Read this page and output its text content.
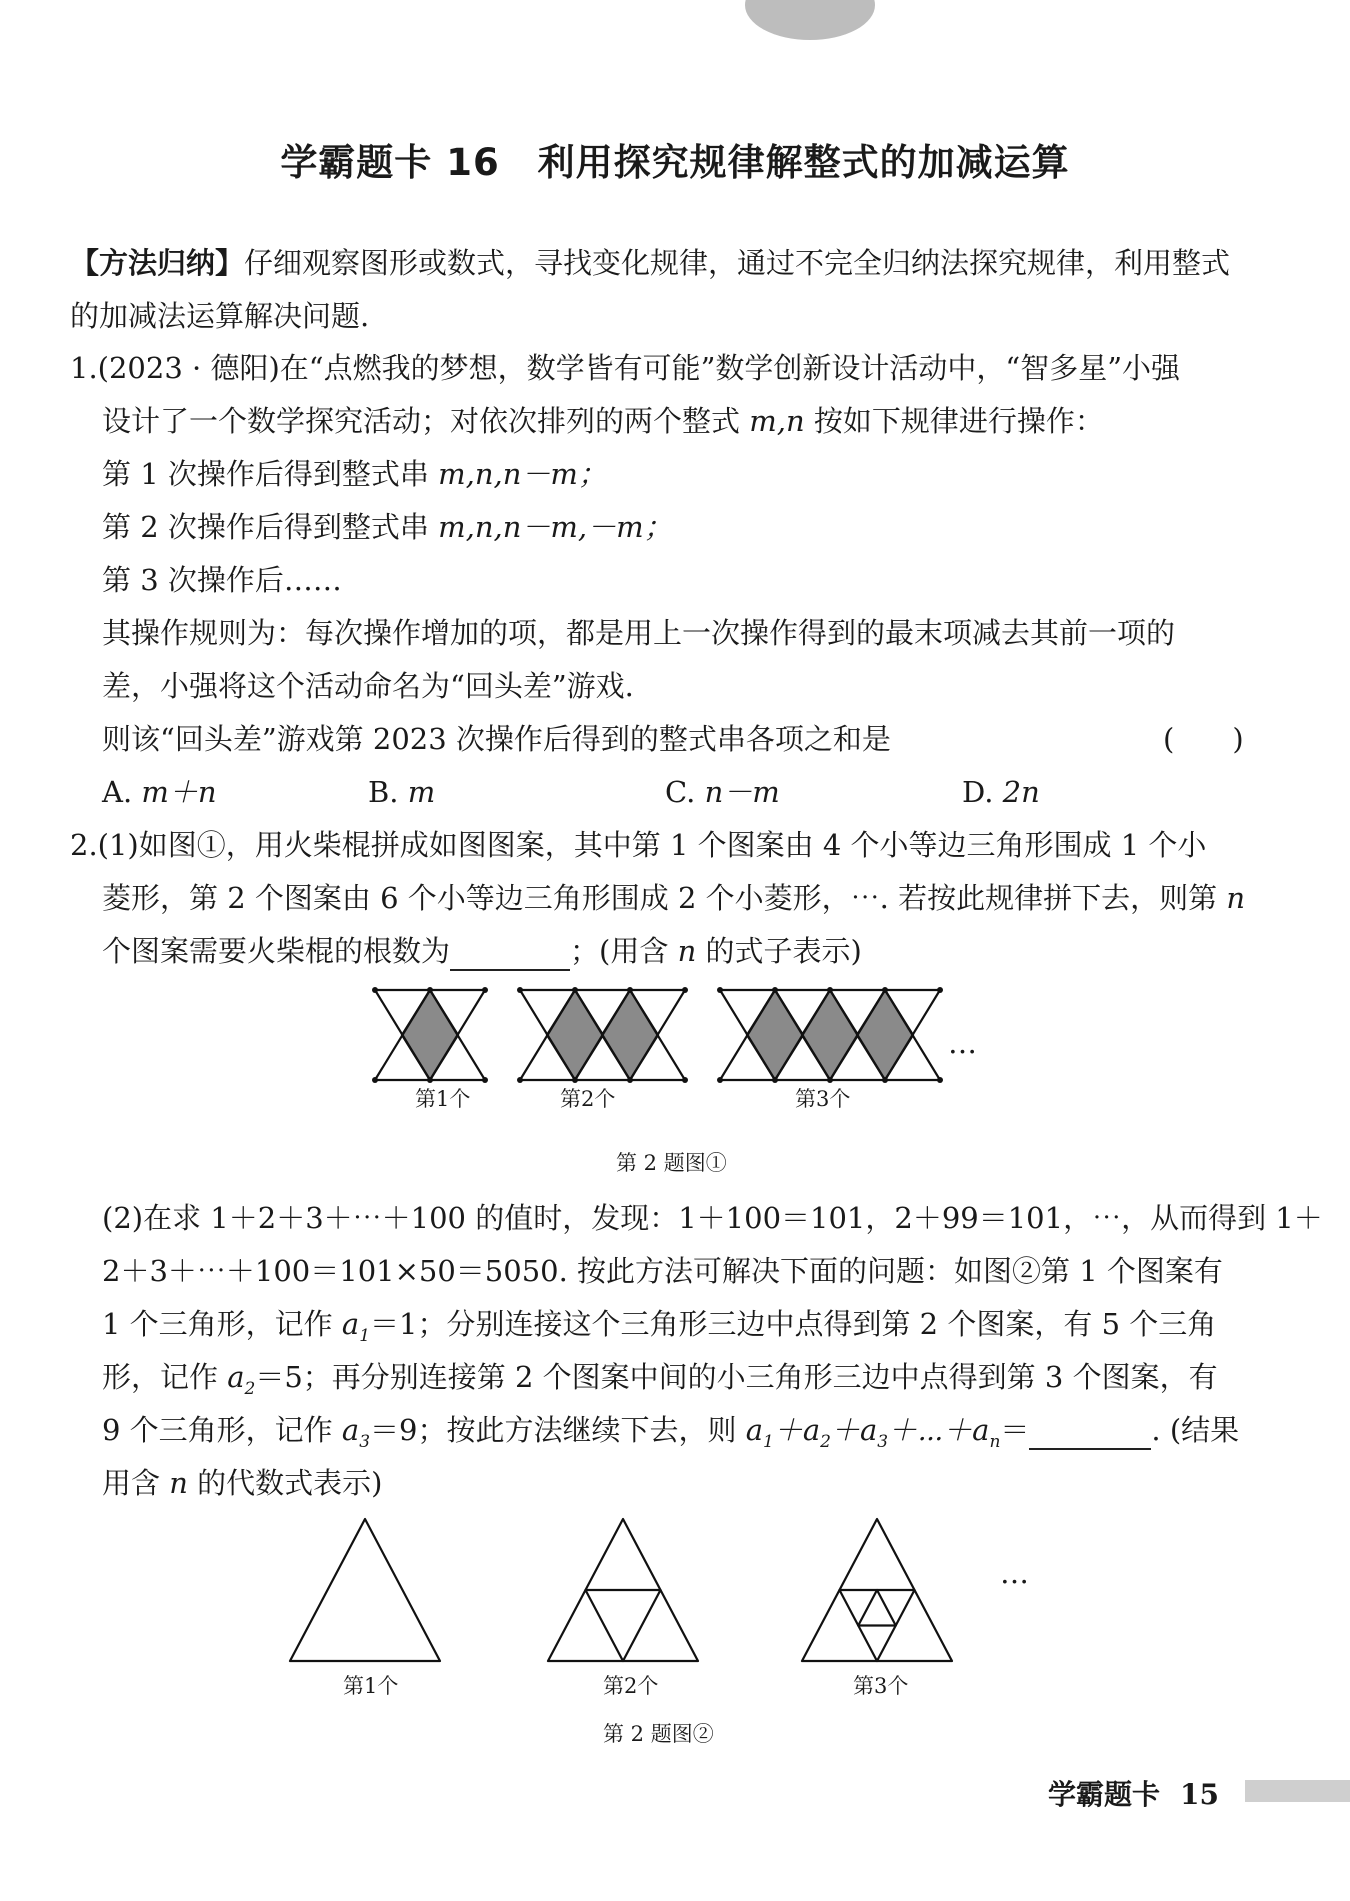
学霸题卡 16　利用探究规律解整式的加减运算
【方法归纳】仔细观察图形或数式，寻找变化规律，通过不完全归纳法探究规律，利用整式
的加减法运算解决问题.
1.(2023 · 德阳)在“点燃我的梦想，数学皆有可能”数学创新设计活动中，“智多星”小强
设计了一个数学探究活动；对依次排列的两个整式 m,n 按如下规律进行操作：
第 1 次操作后得到整式串 m,n,n－m；
第 2 次操作后得到整式串 m,n,n－m,－m；
第 3 次操作后……
其操作规则为：每次操作增加的项，都是用上一次操作得到的最末项减去其前一项的
差，小强将这个活动命名为“回头差”游戏.
则该“回头差”游戏第 2023 次操作后得到的整式串各项之和是	(　　)
A. m＋n	B. m	C. n－m	D. 2n
2.(1)如图①，用火柴棍拼成如图图案，其中第 1 个图案由 4 个小等边三角形围成 1 个小
菱形，第 2 个图案由 6 个小等边三角形围成 2 个小菱形，⋯. 若按此规律拼下去，则第 n
个图案需要火柴棍的根数为	；(用含 n 的式子表示)
…
第1个	第2个	第3个
第 2 题图①
(2)在求 1＋2＋3＋⋯＋100 的值时，发现：1＋100＝101，2＋99＝101，⋯，从而得到 1＋
2＋3＋⋯＋100＝101×50＝5050. 按此方法可解决下面的问题：如图②第 1 个图案有
1 个三角形，记作 $a_1=1$；分别连接这个三角形三边中点得到第 2 个图案，有 5 个三角
形，记作 $a_2=5$；再分别连接第 2 个图案中间的小三角形三边中点得到第 3 个图案，有
9 个三角形，记作 $a_3=9$；按此方法继续下去，则 $a_1+a_2+a_3+\cdots+a_n=$	. (结果
用含 n 的代数式表示)
…
第1个	第2个	第3个
第 2 题图②
学霸题卡 15
